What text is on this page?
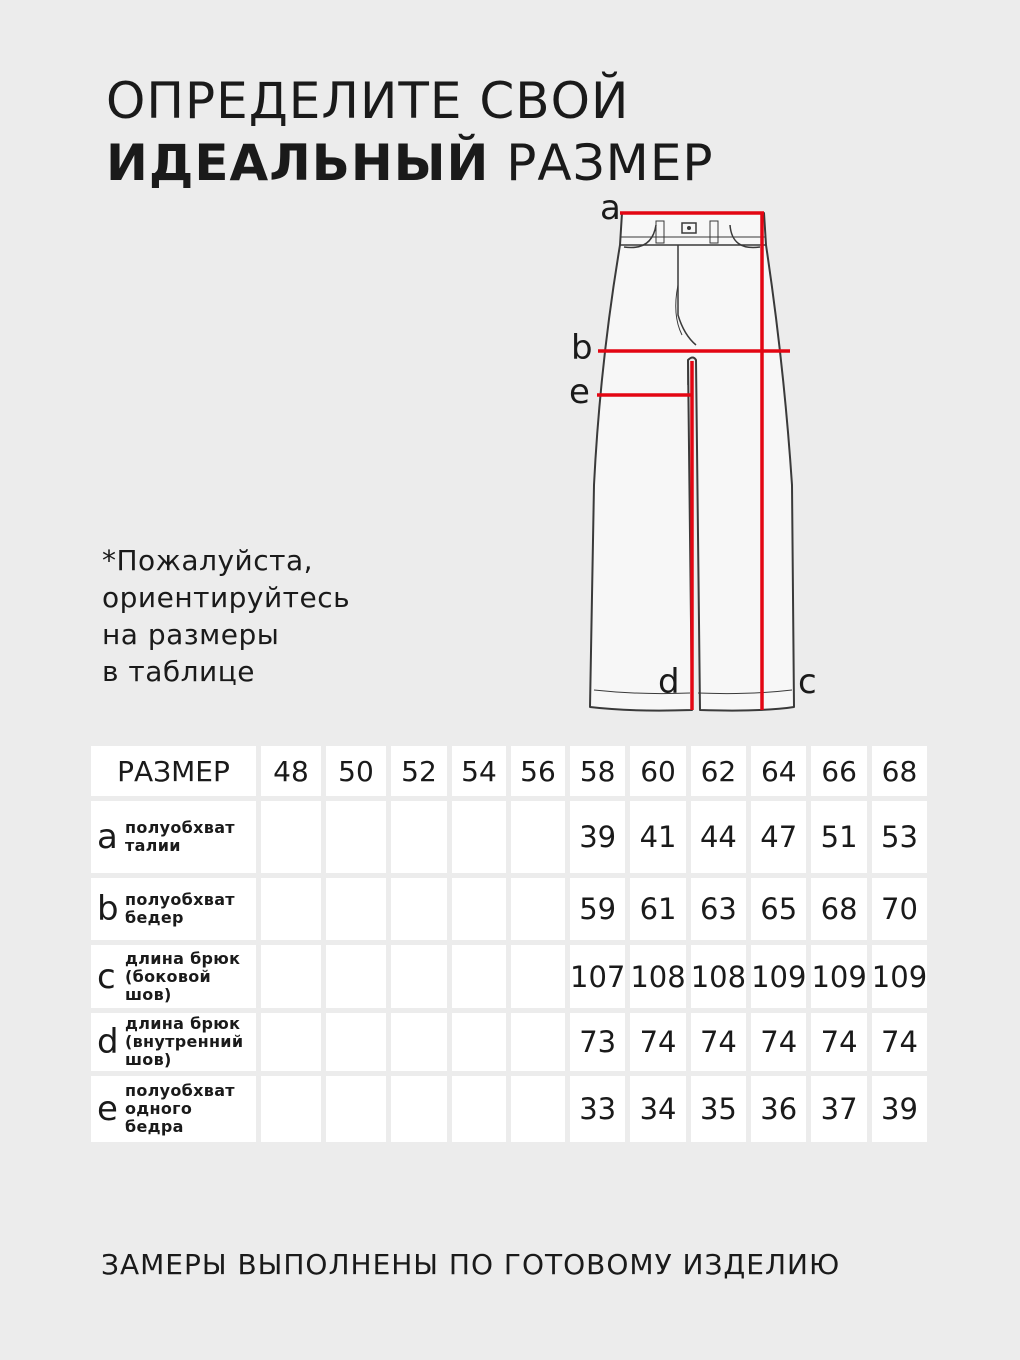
ОПРЕДЕЛИТЕ СВОЙ
ИДЕАЛЬНЫЙ РАЗМЕР
a
b
e
d	c
*Пожалуйста,
ориентируйтесь
на размеры
в таблице
РАЗМЕР	48	50	52	54	56	58	60	62	64	66	68

a полуобхват
талии						39	41	44	47	51	53

b полуобхват
бедер						59	61	63	65	68	70

c длина брюк
(боковой
шов)						107	108	108	109	109	109

d длина брюк
(внутренний
шов)						73	74	74	74	74	74

e полуобхват
одного
бедра						33	34	35	36	37	39
ЗАМЕРЫ ВЫПОЛНЕНЫ ПО ГОТОВОМУ ИЗДЕЛИЮ
